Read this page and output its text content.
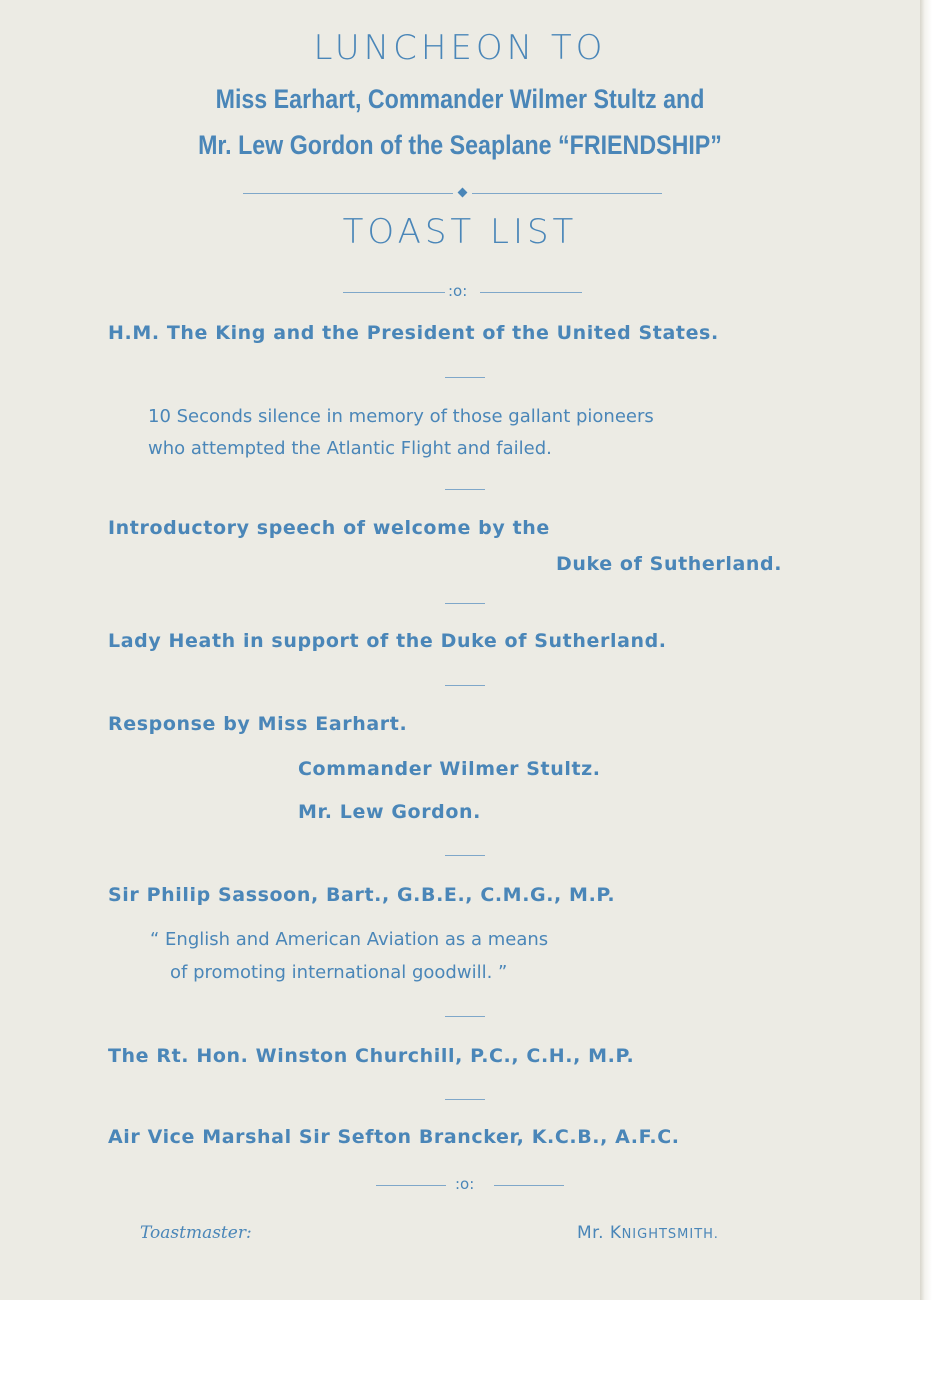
LUNCHEON TO

Miss Earhart, Commander Wilmer Stultz and

Mr. Lew Gordon of the Seaplane “FRIENDSHIP”

TOAST LIST

:o:

H.M. The King and the President of the United States.

10 Seconds silence in memory of those gallant pioneers

who attempted the Atlantic Flight and failed.

Introductory speech of welcome by the

Duke of Sutherland.

Lady Heath in support of the Duke of Sutherland.

Response by Miss Earhart.

Commander Wilmer Stultz.

Mr. Lew Gordon.

Sir Philip Sassoon, Bart., G.B.E., C.M.G., M.P.

“ English and American Aviation as a means

of promoting international goodwill. ”

The Rt. Hon. Winston Churchill, P.C., C.H., M.P.

Air Vice Marshal Sir Sefton Brancker, K.C.B., A.F.C.

:o:

Toastmaster:	Mr. KNIGHTSMITH.
